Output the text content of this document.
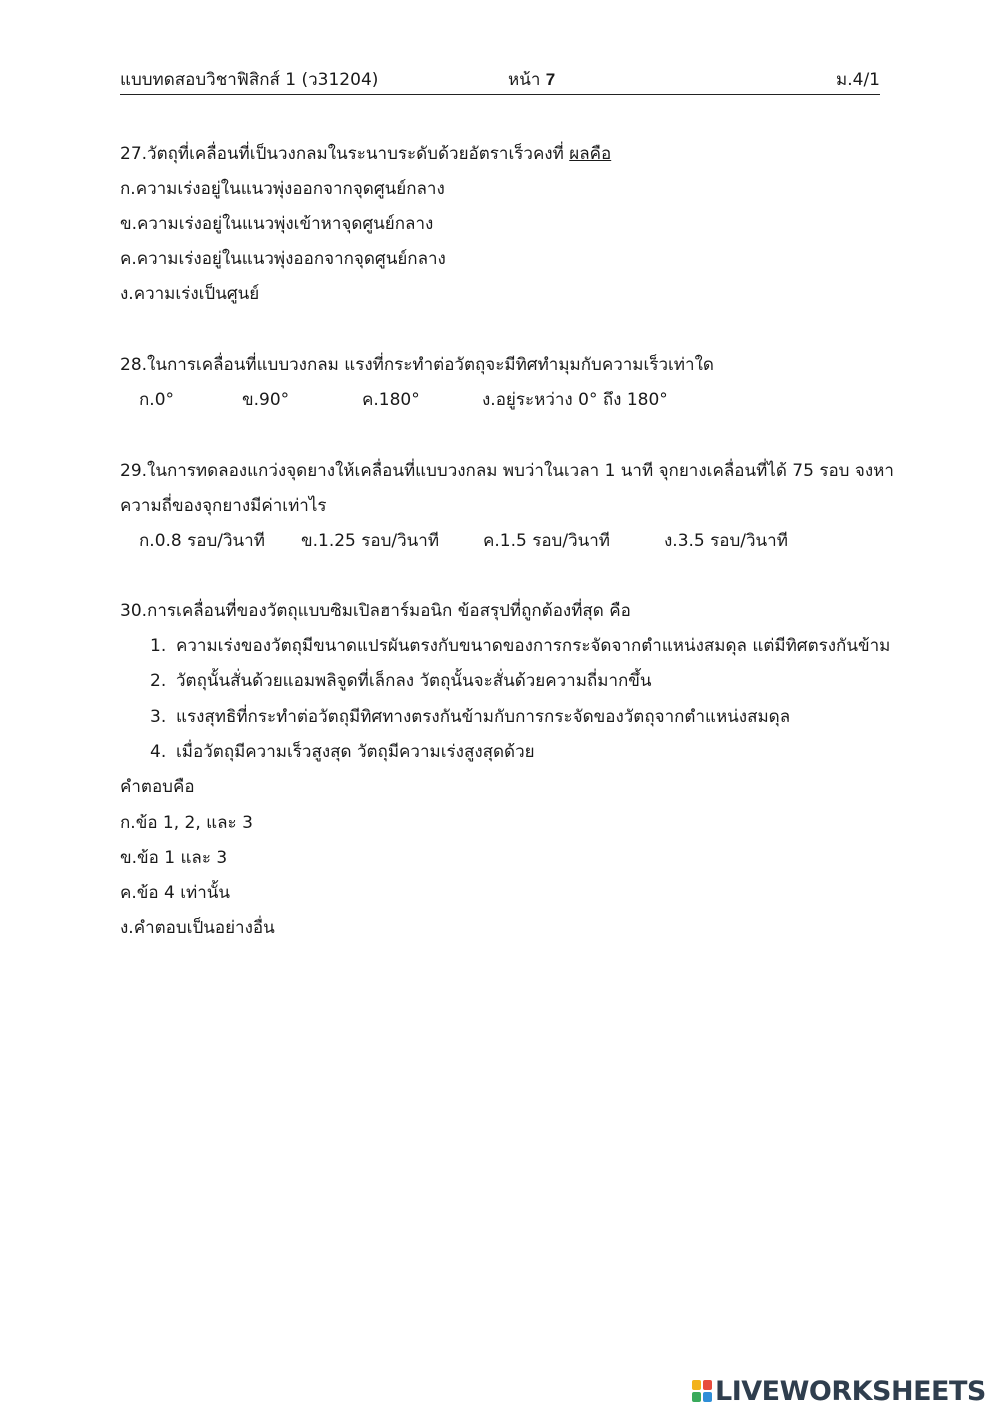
แบบทดสอบวิชาฟิสิกส์ 1 (ว31204)	หน้า 7	ม.4/1
27.วัตถุที่เคลื่อนที่เป็นวงกลมในระนาบระดับด้วยอัตราเร็วคงที่ ผลคือ
ก.ความเร่งอยู่ในแนวพุ่งออกจากจุดศูนย์กลาง
ข.ความเร่งอยู่ในแนวพุ่งเข้าหาจุดศูนย์กลาง
ค.ความเร่งอยู่ในแนวพุ่งออกจากจุดศูนย์กลาง
ง.ความเร่งเป็นศูนย์
28.ในการเคลื่อนที่แบบวงกลม แรงที่กระทำต่อวัตถุจะมีทิศทำมุมกับความเร็วเท่าใด
ก.0°	ข.90°	ค.180°	ง.อยู่ระหว่าง 0° ถึง 180°
29.ในการทดลองแกว่งจุดยางให้เคลื่อนที่แบบวงกลม พบว่าในเวลา 1 นาที จุกยางเคลื่อนที่ได้ 75 รอบ จงหา
ความถี่ของจุกยางมีค่าเท่าไร
ก.0.8 รอบ/วินาที ข.1.25 รอบ/วินาที	ค.1.5 รอบ/วินาที	ง.3.5 รอบ/วินาที
30.การเคลื่อนที่ของวัตถุแบบซิมเปิลฮาร์มอนิก ข้อสรุปที่ถูกต้องที่สุด คือ
1. ความเร่งของวัตถุมีขนาดแปรผันตรงกับขนาดของการกระจัดจากตำแหน่งสมดุล แต่มีทิศตรงกันข้าม
2. วัตถุนั้นสั่นด้วยแอมพลิจูดที่เล็กลง วัตถุนั้นจะสั่นด้วยความถี่มากขึ้น
3. แรงสุทธิที่กระทำต่อวัตถุมีทิศทางตรงกันข้ามกับการกระจัดของวัตถุจากตำแหน่งสมดุล
4. เมื่อวัตถุมีความเร็วสูงสุด วัตถุมีความเร่งสูงสุดด้วย
คำตอบคือ
ก.ข้อ 1, 2, และ 3
ข.ข้อ 1 และ 3
ค.ข้อ 4 เท่านั้น
ง.คำตอบเป็นอย่างอื่น
LIVEWORKSHEETS
